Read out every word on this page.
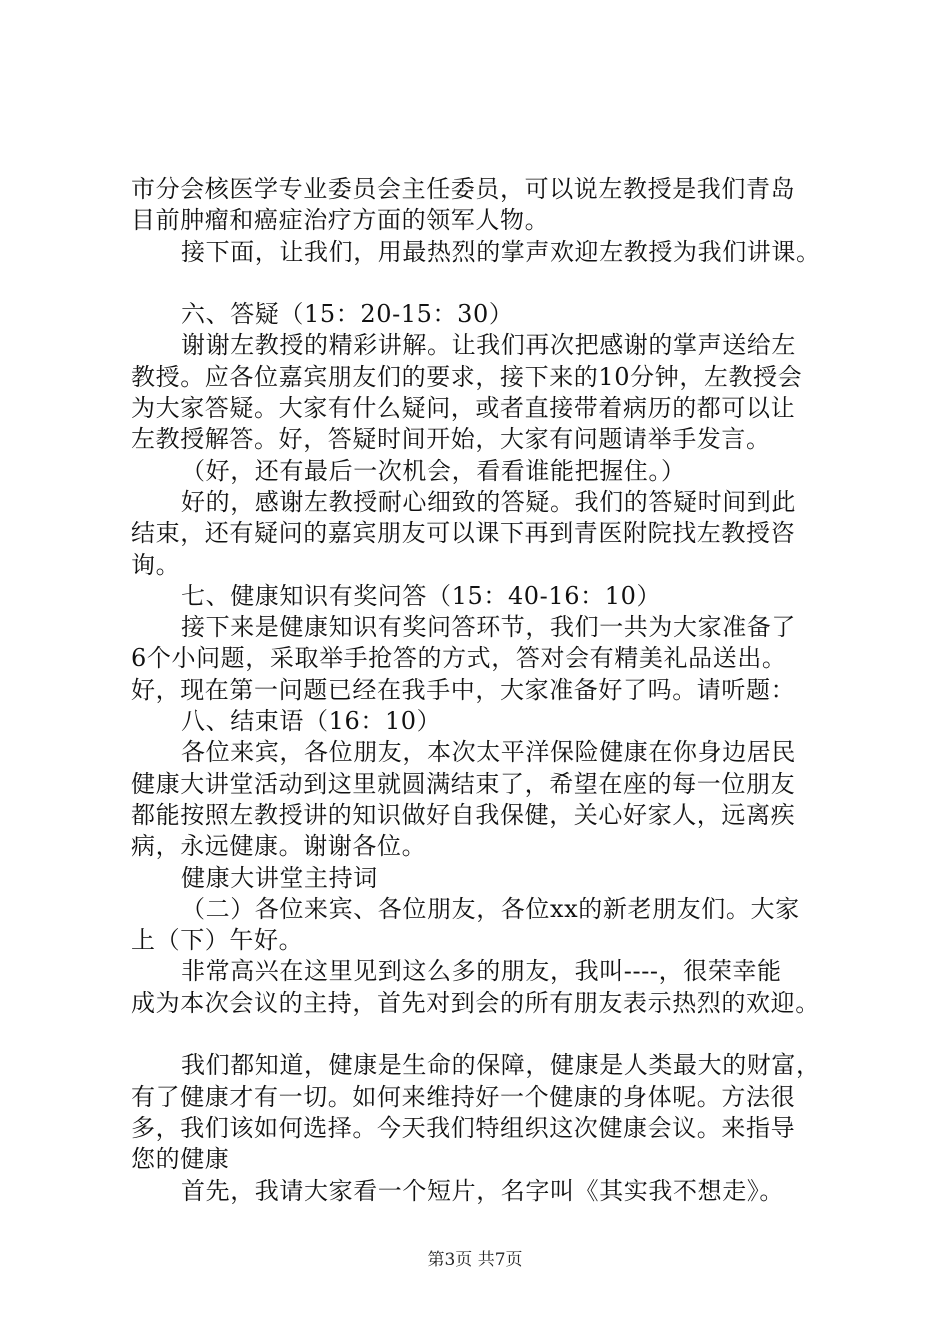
市分会核医学专业委员会主任委员，可以说左教授是我们青岛
目前肿瘤和癌症治疗方面的领军人物。
接下面，让我们，用最热烈的掌声欢迎左教授为我们讲课。
六、答疑（15：20-15：30）
谢谢左教授的精彩讲解。让我们再次把感谢的掌声送给左
教授。应各位嘉宾朋友们的要求，接下来的10分钟，左教授会
为大家答疑。大家有什么疑问，或者直接带着病历的都可以让
左教授解答。好，答疑时间开始，大家有问题请举手发言。
（好，还有最后一次机会，看看谁能把握住。）
好的，感谢左教授耐心细致的答疑。我们的答疑时间到此
结束，还有疑问的嘉宾朋友可以课下再到青医附院找左教授咨
询。
七、健康知识有奖问答（15：40-16：10）
接下来是健康知识有奖问答环节，我们一共为大家准备了
6个小问题，采取举手抢答的方式，答对会有精美礼品送出。
好，现在第一问题已经在我手中，大家准备好了吗。请听题：
八、结束语（16：10）
各位来宾，各位朋友，本次太平洋保险健康在你身边居民
健康大讲堂活动到这里就圆满结束了，希望在座的每一位朋友
都能按照左教授讲的知识做好自我保健，关心好家人，远离疾
病，永远健康。谢谢各位。
健康大讲堂主持词
（二）各位来宾、各位朋友，各位xx的新老朋友们。大家
上（下）午好。
非常高兴在这里见到这么多的朋友，我叫----，很荣幸能
成为本次会议的主持，首先对到会的所有朋友表示热烈的欢迎。
我们都知道，健康是生命的保障，健康是人类最大的财富，
有了健康才有一切。如何来维持好一个健康的身体呢。方法很
多，我们该如何选择。今天我们特组织这次健康会议。来指导
您的健康
首先，我请大家看一个短片，名字叫《其实我不想走》。
第3页 共7页
